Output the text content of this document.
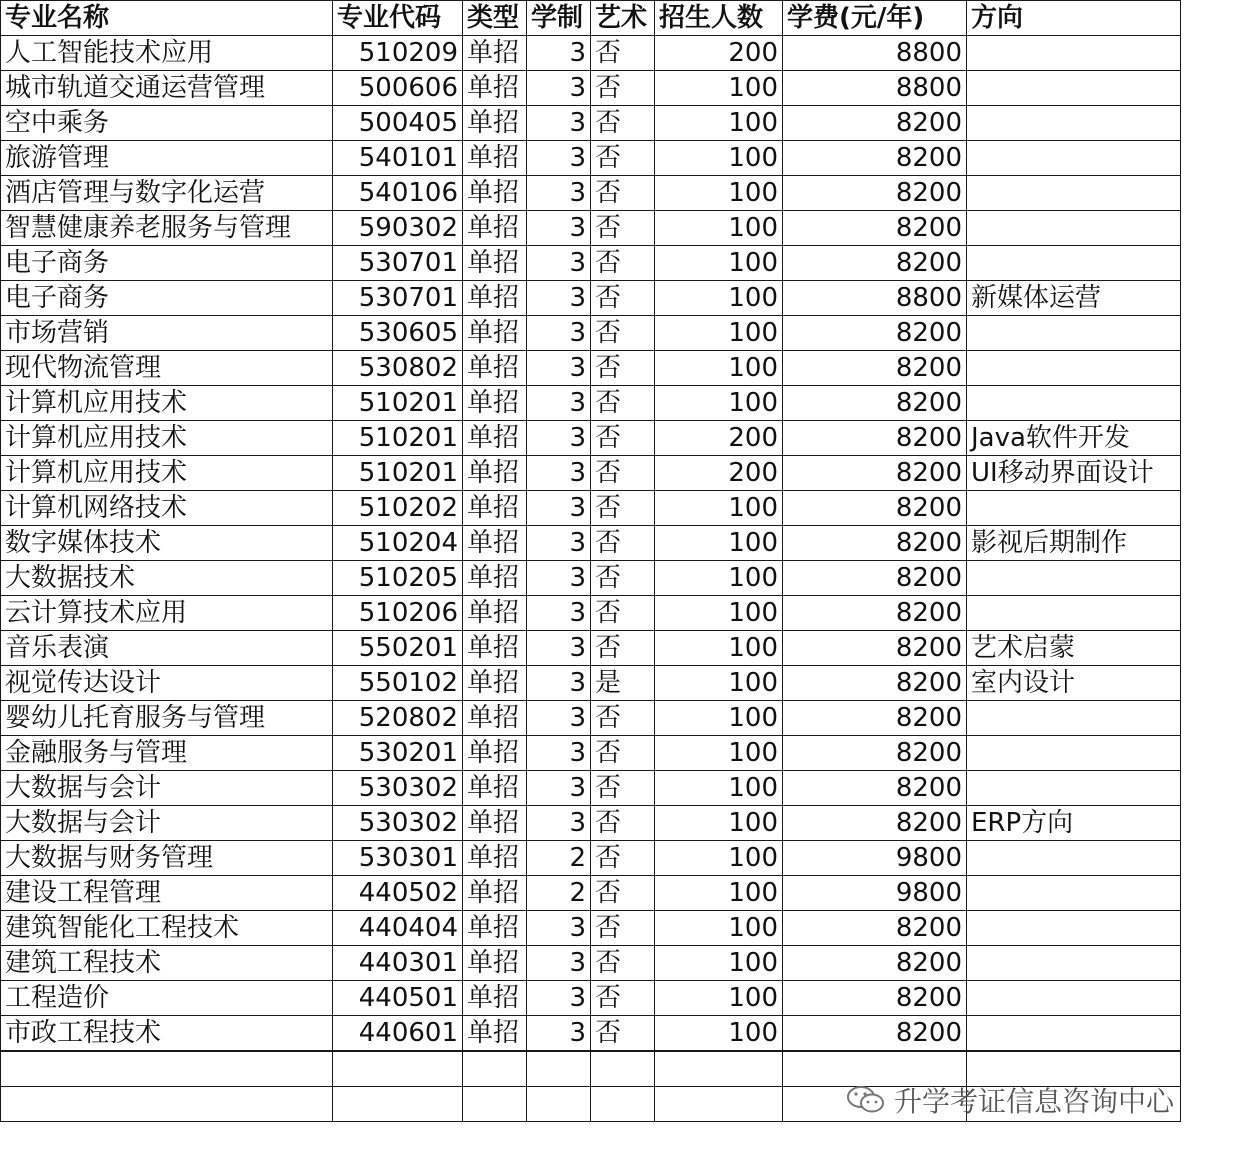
专业名称	专业代码	类型	学制	艺术	招生人数	学费(元/年)	方向
人工智能技术应用	510209	单招	3	否	200	8800	
城市轨道交通运营管理	500606	单招	3	否	100	8800	
空中乘务	500405	单招	3	否	100	8200	
旅游管理	540101	单招	3	否	100	8200	
酒店管理与数字化运营	540106	单招	3	否	100	8200	
智慧健康养老服务与管理	590302	单招	3	否	100	8200	
电子商务	530701	单招	3	否	100	8200	
电子商务	530701	单招	3	否	100	8800	新媒体运营
市场营销	530605	单招	3	否	100	8200	
现代物流管理	530802	单招	3	否	100	8200	
计算机应用技术	510201	单招	3	否	100	8200	
计算机应用技术	510201	单招	3	否	200	8200	Java软件开发
计算机应用技术	510201	单招	3	否	200	8200	UI移动界面设计
计算机网络技术	510202	单招	3	否	100	8200	
数字媒体技术	510204	单招	3	否	100	8200	影视后期制作
大数据技术	510205	单招	3	否	100	8200	
云计算技术应用	510206	单招	3	否	100	8200	
音乐表演	550201	单招	3	否	100	8200	艺术启蒙
视觉传达设计	550102	单招	3	是	100	8200	室内设计
婴幼儿托育服务与管理	520802	单招	3	否	100	8200	
金融服务与管理	530201	单招	3	否	100	8200	
大数据与会计	530302	单招	3	否	100	8200	
大数据与会计	530302	单招	3	否	100	8200	ERP方向
大数据与财务管理	530301	单招	2	否	100	9800	
建设工程管理	440502	单招	2	否	100	9800	
建筑智能化工程技术	440404	单招	3	否	100	8200	
建筑工程技术	440301	单招	3	否	100	8200	
工程造价	440501	单招	3	否	100	8200	
市政工程技术	440601	单招	3	否	100	8200	

升学考证信息咨询中心
